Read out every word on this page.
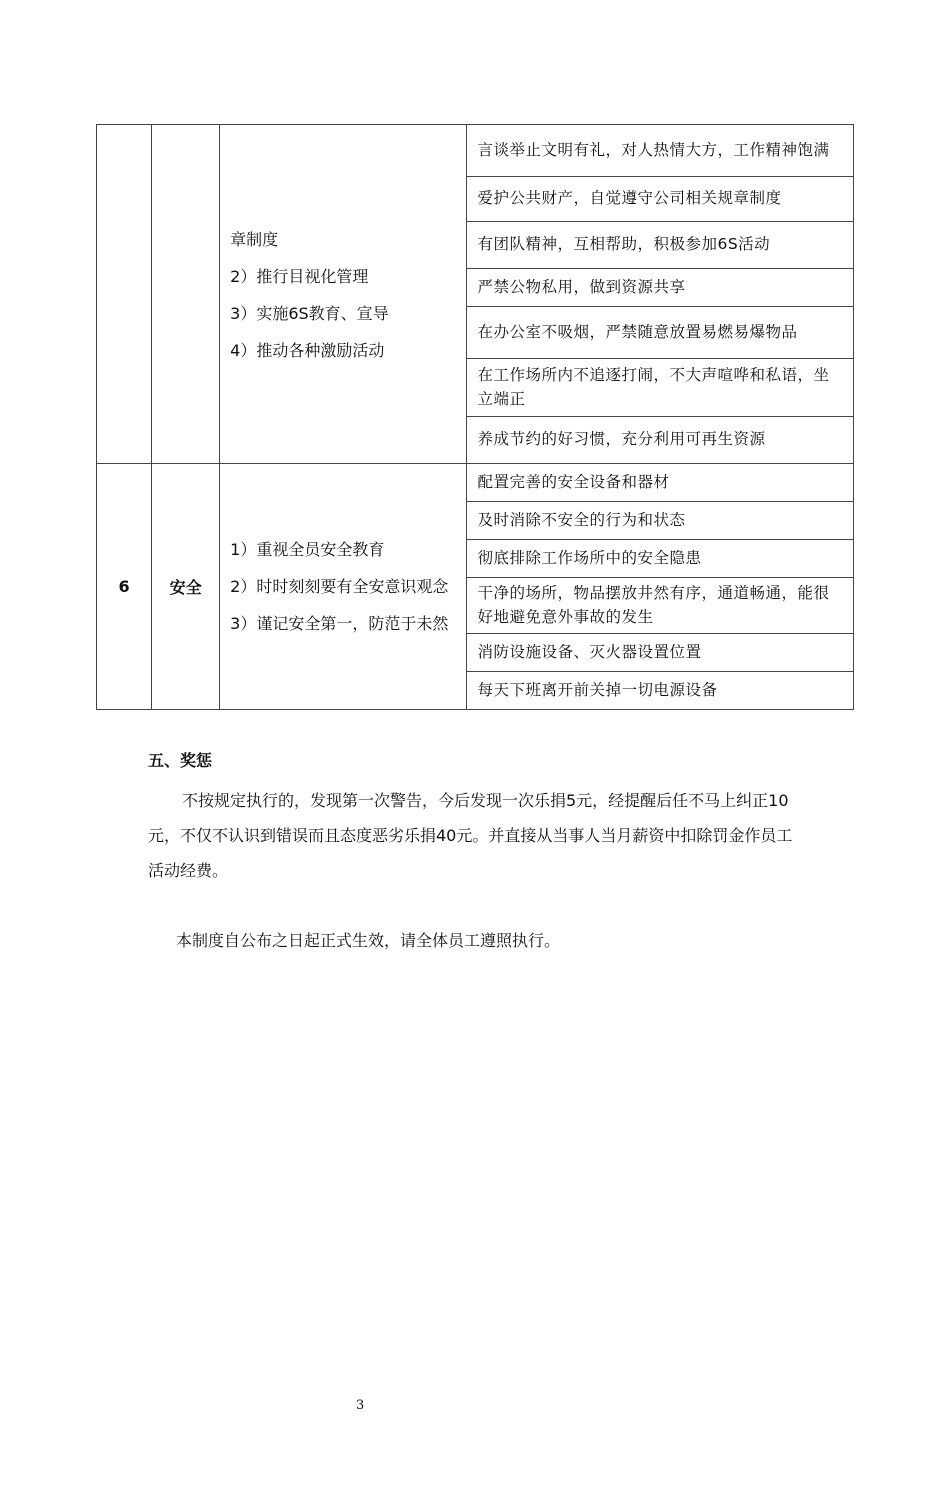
		章制度
2）推行目视化管理
3）实施6S教育、宣导
4）推动各种激励活动	言谈举止文明有礼，对人热情大方，工作精神饱满
			爱护公共财产，自觉遵守公司相关规章制度
			有团队精神，互相帮助，积极参加6S活动
			严禁公物私用，做到资源共享
			在办公室不吸烟，严禁随意放置易燃易爆物品
			在工作场所内不追逐打闹，不大声喧哗和私语，坐立端正
			养成节约的好习惯，充分利用可再生资源
6	安全	1）重视全员安全教育
2）时时刻刻要有全安意识观念
3）谨记安全第一，防范于未然	配置完善的安全设备和器材
			及时消除不安全的行为和状态
			彻底排除工作场所中的安全隐患
			干净的场所，物品摆放井然有序，通道畅通，能很好地避免意外事故的发生
			消防设施设备、灭火器设置位置
			每天下班离开前关掉一切电源设备
五、奖惩
不按规定执行的，发现第一次警告，今后发现一次乐捐5元，经提醒后任不马上纠正10元，不仅不认识到错误而且态度恶劣乐捐40元。并直接从当事人当月薪资中扣除罚金作员工活动经费。
本制度自公布之日起正式生效，请全体员工遵照执行。
3
